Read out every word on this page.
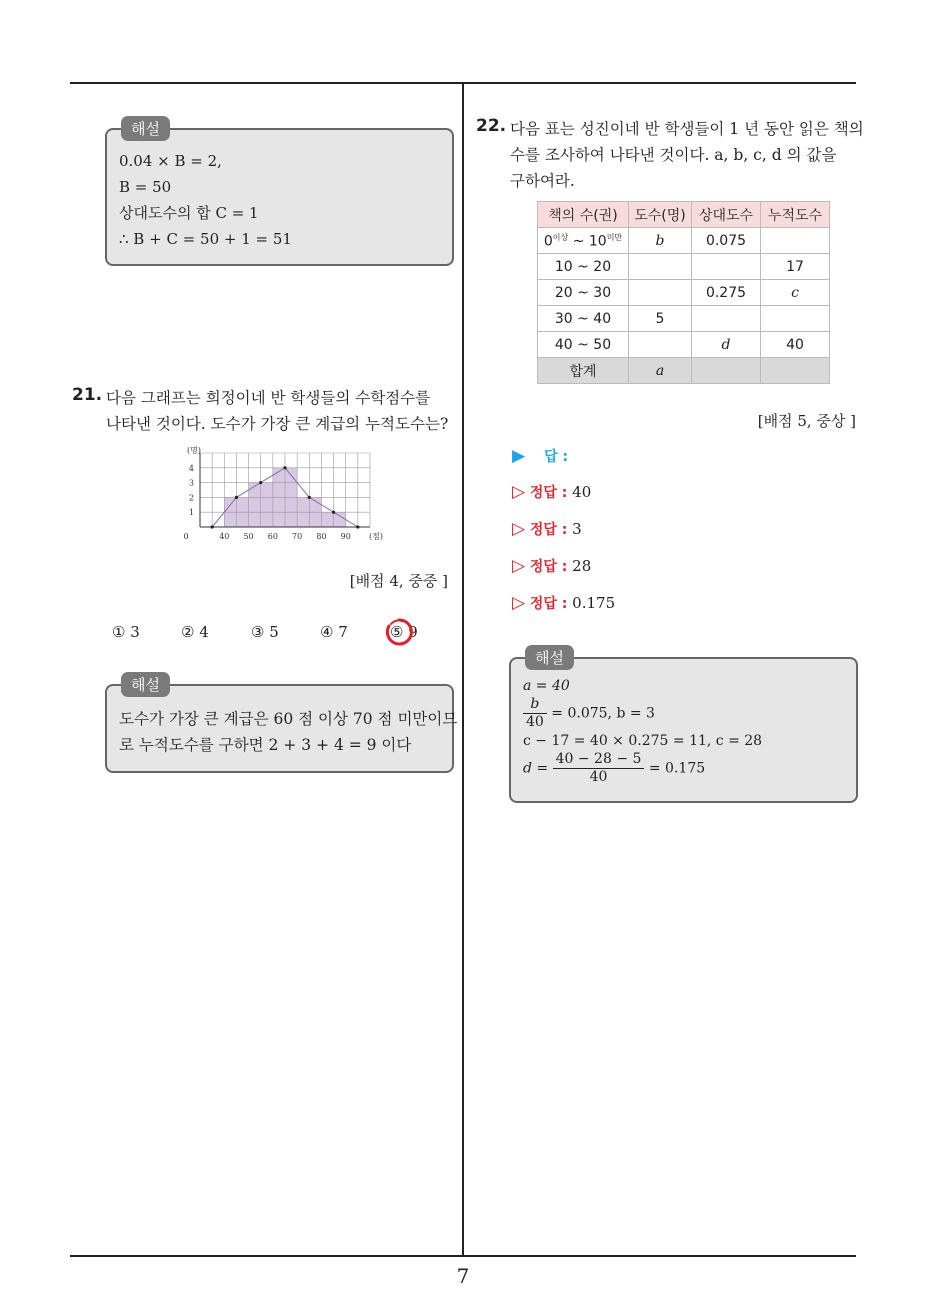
7
해설
0.04 × B = 2,
B = 50
상대도수의 합 C = 1
∴ B + C = 50 + 1 = 51
21. 다음 그래프는 희정이네 반 학생들의 수학점수를
나타낸 것이다. 도수가 가장 큰 계급의 누적도수는?
40 50 60 70 80 90
1
2
3
4
0	(점)
(명)
[배점 4, 중중 ]
① 3	② 4	③ 5	④ 7	⑤ 9
해설
도수가 가장 큰 계급은 60 점 이상 70 점 미만이므
로 누적도수를 구하면 2 + 3 + 4 = 9 이다
22. 다음 표는 성진이네 반 학생들이 1 년 동안 읽은 책의
수를 조사하여 나타낸 것이다. a, b, c, d 의 값을
구하여라.
책의 수(권)	도수(명)	상대도수	누적도수
$0^{이상}$ ~ $10^{미만}$	b	0.075	
10 ~ 20			17
20 ~ 30		0.275	c
30 ~ 40	5		
40 ~ 50		d	40
합계	a		
[배점 5, 중상 ]
▶ 답 :
▷ 정답 : 40
▷ 정답 : 3
▷ 정답 : 28
▷ 정답 : 0.175
해설
a = 40
$\frac{b}{40} = 0.075$, b = 3
c − 17 = 40 × 0.275 = 11, c = 28
$d = \frac{40 - 28 - 5}{40} = 0.175$
